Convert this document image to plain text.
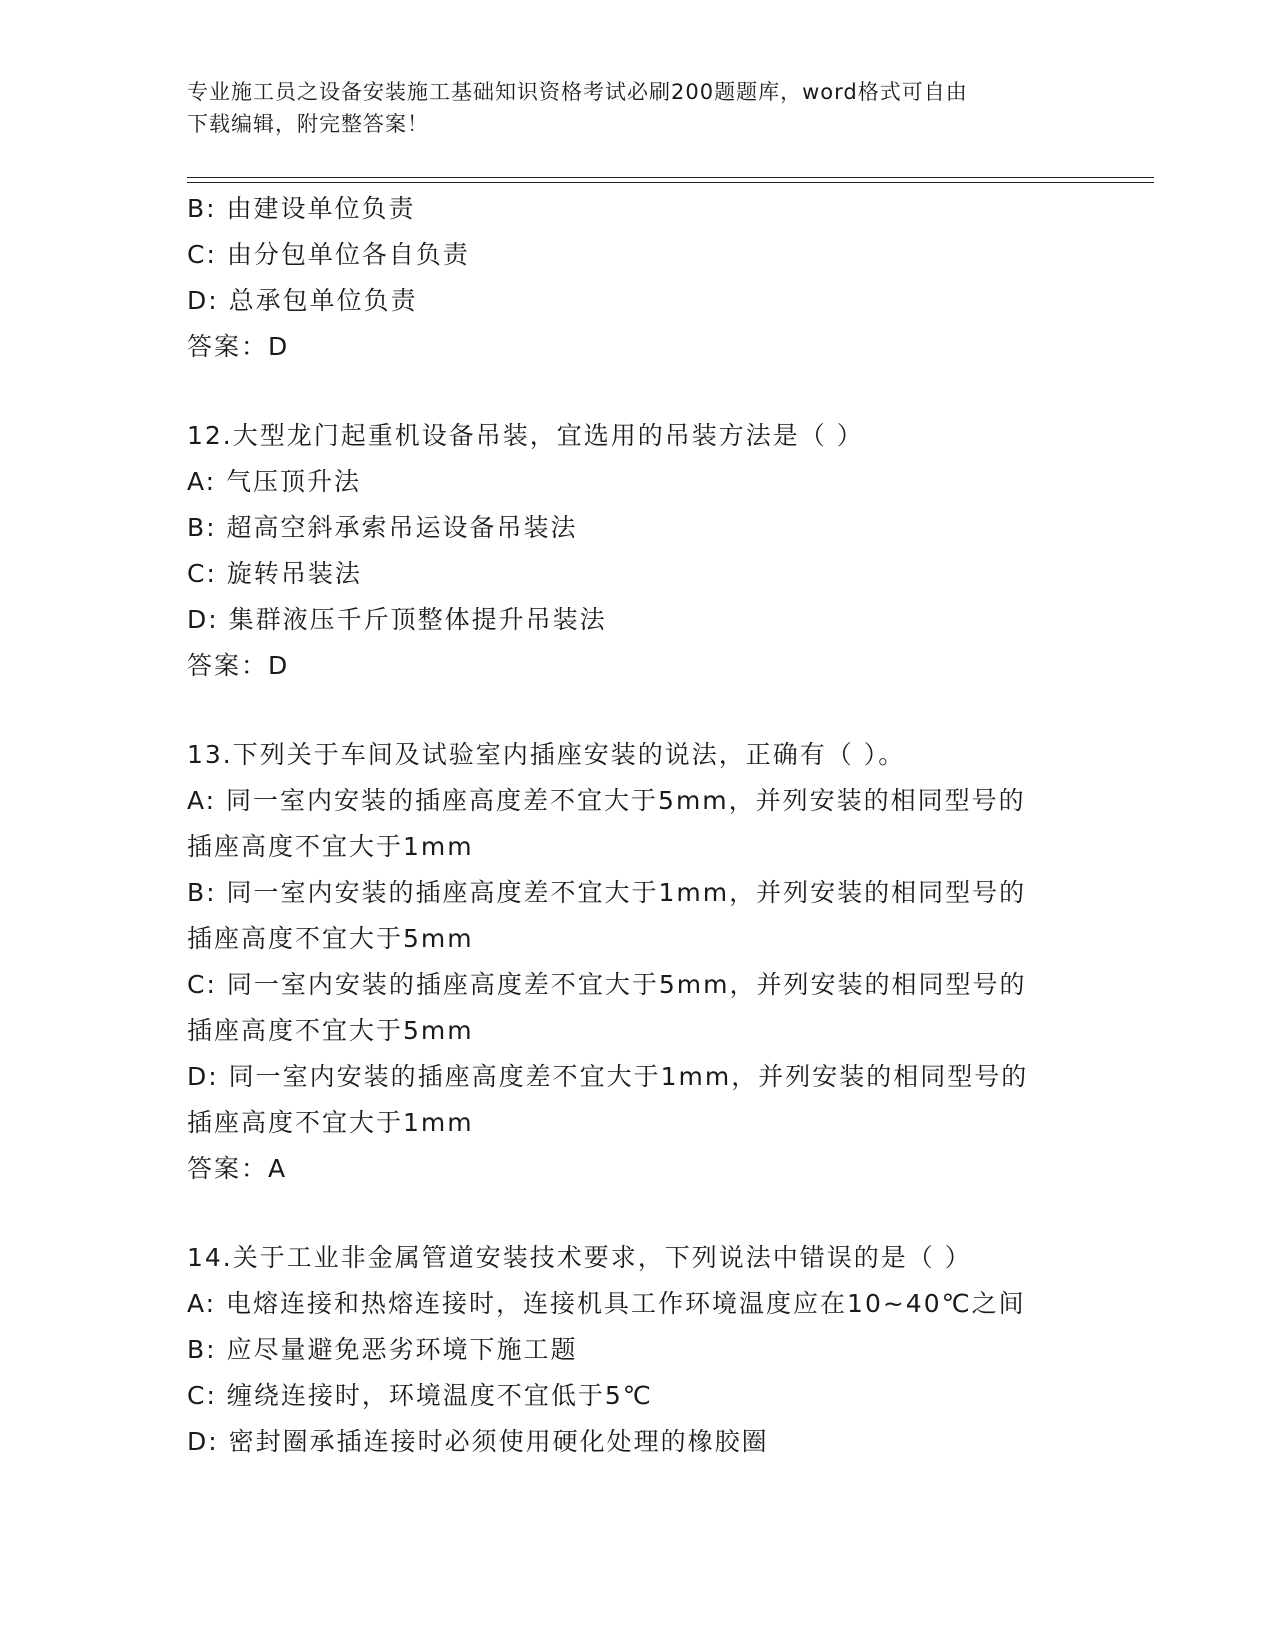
专业施工员之设备安装施工基础知识资格考试必刷200题题库，word格式可自由
下载编辑，附完整答案！
B: 由建设单位负责
C: 由分包单位各自负责
D: 总承包单位负责
答案：D
12.大型龙门起重机设备吊装，宜选用的吊装方法是（ ）
A: 气压顶升法
B: 超高空斜承索吊运设备吊装法
C: 旋转吊装法
D: 集群液压千斤顶整体提升吊装法
答案：D
13.下列关于车间及试验室内插座安装的说法，正确有（ ）。
A: 同一室内安装的插座高度差不宜大于5mm，并列安装的相同型号的
插座高度不宜大于1mm
B: 同一室内安装的插座高度差不宜大于1mm，并列安装的相同型号的
插座高度不宜大于5mm
C: 同一室内安装的插座高度差不宜大于5mm，并列安装的相同型号的
插座高度不宜大于5mm
D: 同一室内安装的插座高度差不宜大于1mm，并列安装的相同型号的
插座高度不宜大于1mm
答案：A
14.关于工业非金属管道安装技术要求，下列说法中错误的是（ ）
A: 电熔连接和热熔连接时，连接机具工作环境温度应在10~40℃之间
B: 应尽量避免恶劣环境下施工题
C: 缠绕连接时，环境温度不宜低于5℃
D: 密封圈承插连接时必须使用硬化处理的橡胶圈
